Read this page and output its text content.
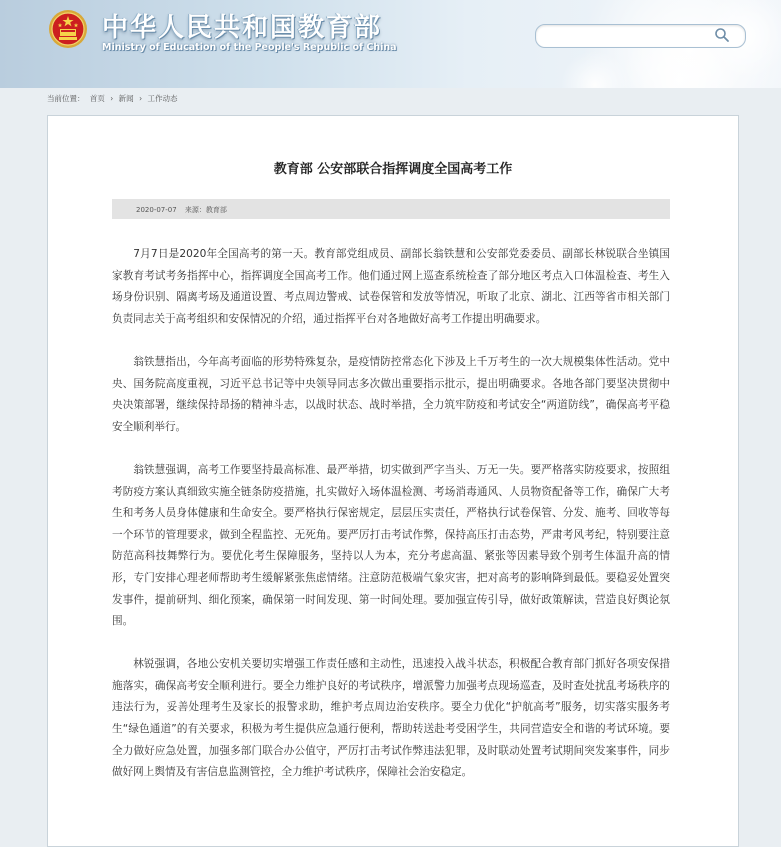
中华人民共和国教育部
Ministry of Education of the People's Republic of China
当前位置： 首页 › 新闻 › 工作动态
教育部 公安部联合指挥调度全国高考工作
2020-07-07 来源：教育部

7月7日是2020年全国高考的第一天。教育部党组成员、副部长翁铁慧和公安部党委委员、副部长林锐联合坐镇国家教育考试考务指挥中心，指挥调度全国高考工作。他们通过网上巡查系统检查了部分地区考点入口体温检查、考生入场身份识别、隔离考场及通道设置、考点周边警戒、试卷保管和发放等情况，听取了北京、湖北、江西等省市相关部门负责同志关于高考组织和安保情况的介绍，通过指挥平台对各地做好高考工作提出明确要求。

翁铁慧指出，今年高考面临的形势特殊复杂，是疫情防控常态化下涉及上千万考生的一次大规模集体性活动。党中央、国务院高度重视，习近平总书记等中央领导同志多次做出重要指示批示，提出明确要求。各地各部门要坚决贯彻中央决策部署，继续保持昂扬的精神斗志，以战时状态、战时举措，全力筑牢防疫和考试安全“两道防线”，确保高考平稳安全顺利举行。

翁铁慧强调，高考工作要坚持最高标准、最严举措，切实做到严字当头、万无一失。要严格落实防疫要求，按照组考防疫方案认真细致实施全链条防疫措施，扎实做好入场体温检测、考场消毒通风、人员物资配备等工作，确保广大考生和考务人员身体健康和生命安全。要严格执行保密规定，层层压实责任，严格执行试卷保管、分发、施考、回收等每一个环节的管理要求，做到全程监控、无死角。要严厉打击考试作弊，保持高压打击态势，严肃考风考纪，特别要注意防范高科技舞弊行为。要优化考生保障服务，坚持以人为本，充分考虑高温、紧张等因素导致个别考生体温升高的情形，专门安排心理老师帮助考生缓解紧张焦虑情绪。注意防范极端气象灾害，把对高考的影响降到最低。要稳妥处置突发事件，提前研判、细化预案，确保第一时间发现、第一时间处理。要加强宣传引导，做好政策解读，营造良好舆论氛围。

林锐强调，各地公安机关要切实增强工作责任感和主动性，迅速投入战斗状态，积极配合教育部门抓好各项安保措施落实，确保高考安全顺利进行。要全力维护良好的考试秩序，增派警力加强考点现场巡查，及时查处扰乱考场秩序的违法行为，妥善处理考生及家长的报警求助，维护考点周边治安秩序。要全力优化“护航高考”服务，切实落实服务考生“绿色通道”的有关要求，积极为考生提供应急通行便利，帮助转送赴考受困学生，共同营造安全和谐的考试环境。要全力做好应急处置，加强多部门联合办公值守，严厉打击考试作弊违法犯罪，及时联动处置考试期间突发案事件，同步做好网上舆情及有害信息监测管控，全力维护考试秩序，保障社会治安稳定。
